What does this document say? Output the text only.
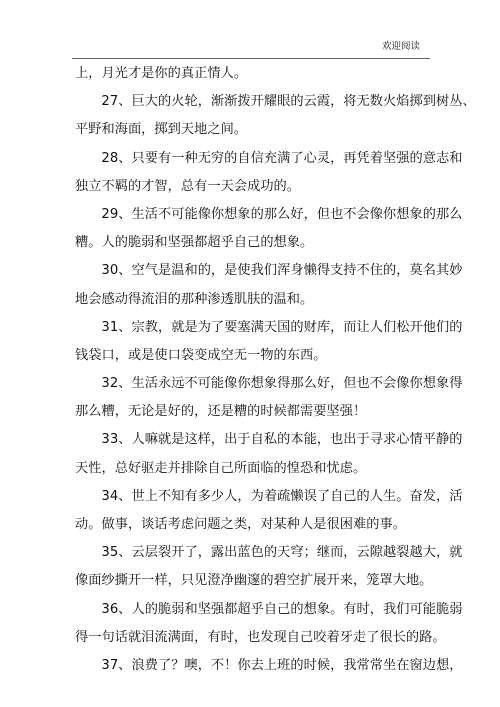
欢迎阅读

上，月光才是你的真正情人。

27、巨大的火轮，渐渐拨开耀眼的云霞，将无数火焰掷到树丛、
平野和海面，掷到天地之间。

28、只要有一种无穷的自信充满了心灵，再凭着坚强的意志和
独立不羁的才智，总有一天会成功的。

29、生活不可能像你想象的那么好，但也不会像你想象的那么
糟。人的脆弱和坚强都超乎自己的想象。

30、空气是温和的，是使我们浑身懒得支持不住的，莫名其妙
地会感动得流泪的那种渗透肌肤的温和。

31、宗教，就是为了要塞满天国的财库，而让人们松开他们的
钱袋口，或是使口袋变成空无一物的东西。

32、生活永远不可能像你想象得那么好，但也不会像你想象得
那么糟，无论是好的，还是糟的时候都需要坚强！

33、人嘛就是这样，出于自私的本能，也出于寻求心情平静的
天性，总好驱走并排除自己所面临的惶恐和忧虑。

34、世上不知有多少人，为着疏懒误了自己的人生。奋发，活
动。做事，谈话考虑问题之类，对某种人是很困难的事。

35、云层裂开了，露出蓝色的天穹；继而，云隙越裂越大，就
像面纱撕开一样，只见澄净幽邃的碧空扩展开来，笼罩大地。

36、人的脆弱和坚强都超乎自己的想象。有时，我们可能脆弱
得一句话就泪流满面，有时，也发现自己咬着牙走了很长的路。

37、浪费了？噢，不！你去上班的时候，我常常坐在窗边想，
